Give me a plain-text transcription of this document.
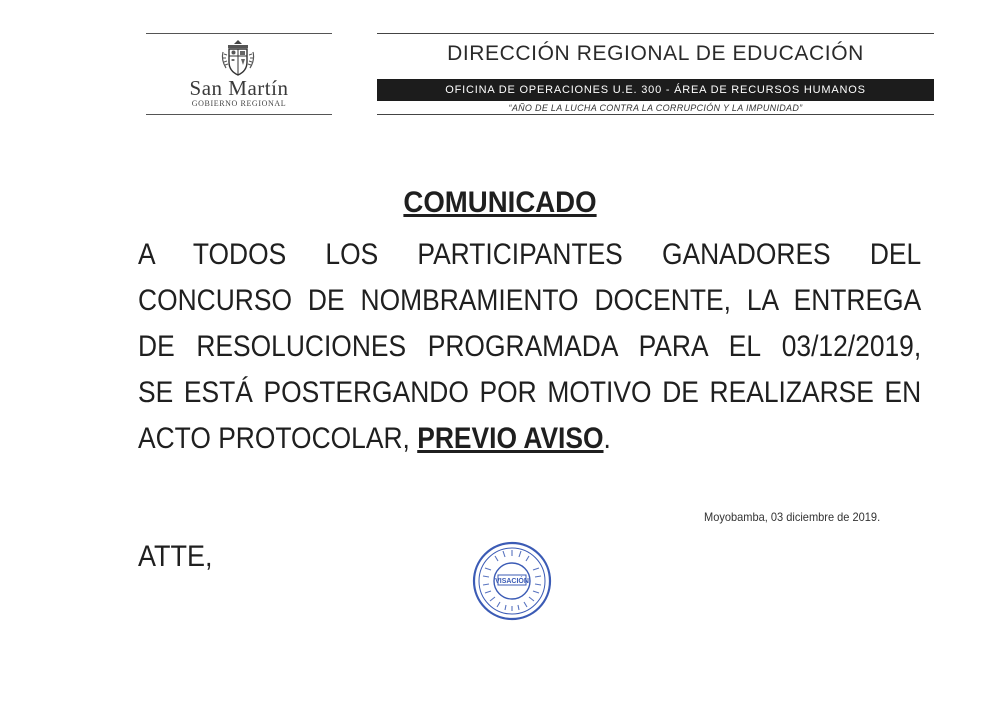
San Martín
GOBIERNO REGIONAL
DIRECCIÓN REGIONAL DE EDUCACIÓN
OFICINA DE OPERACIONES U.E. 300 - ÁREA DE RECURSOS HUMANOS
“AÑO DE LA LUCHA CONTRA LA CORRUPCIÓN Y LA IMPUNIDAD”
COMUNICADO
A TODOS LOS PARTICIPANTES GANADORES DEL
CONCURSO DE NOMBRAMIENTO DOCENTE, LA ENTREGA
DE RESOLUCIONES PROGRAMADA PARA EL 03/12/2019,
SE ESTÁ POSTERGANDO POR MOTIVO DE REALIZARSE EN
ACTO PROTOCOLAR, PREVIO AVISO.
Moyobamba, 03 diciembre de 2019.
ATTE,
VISACIÓN
